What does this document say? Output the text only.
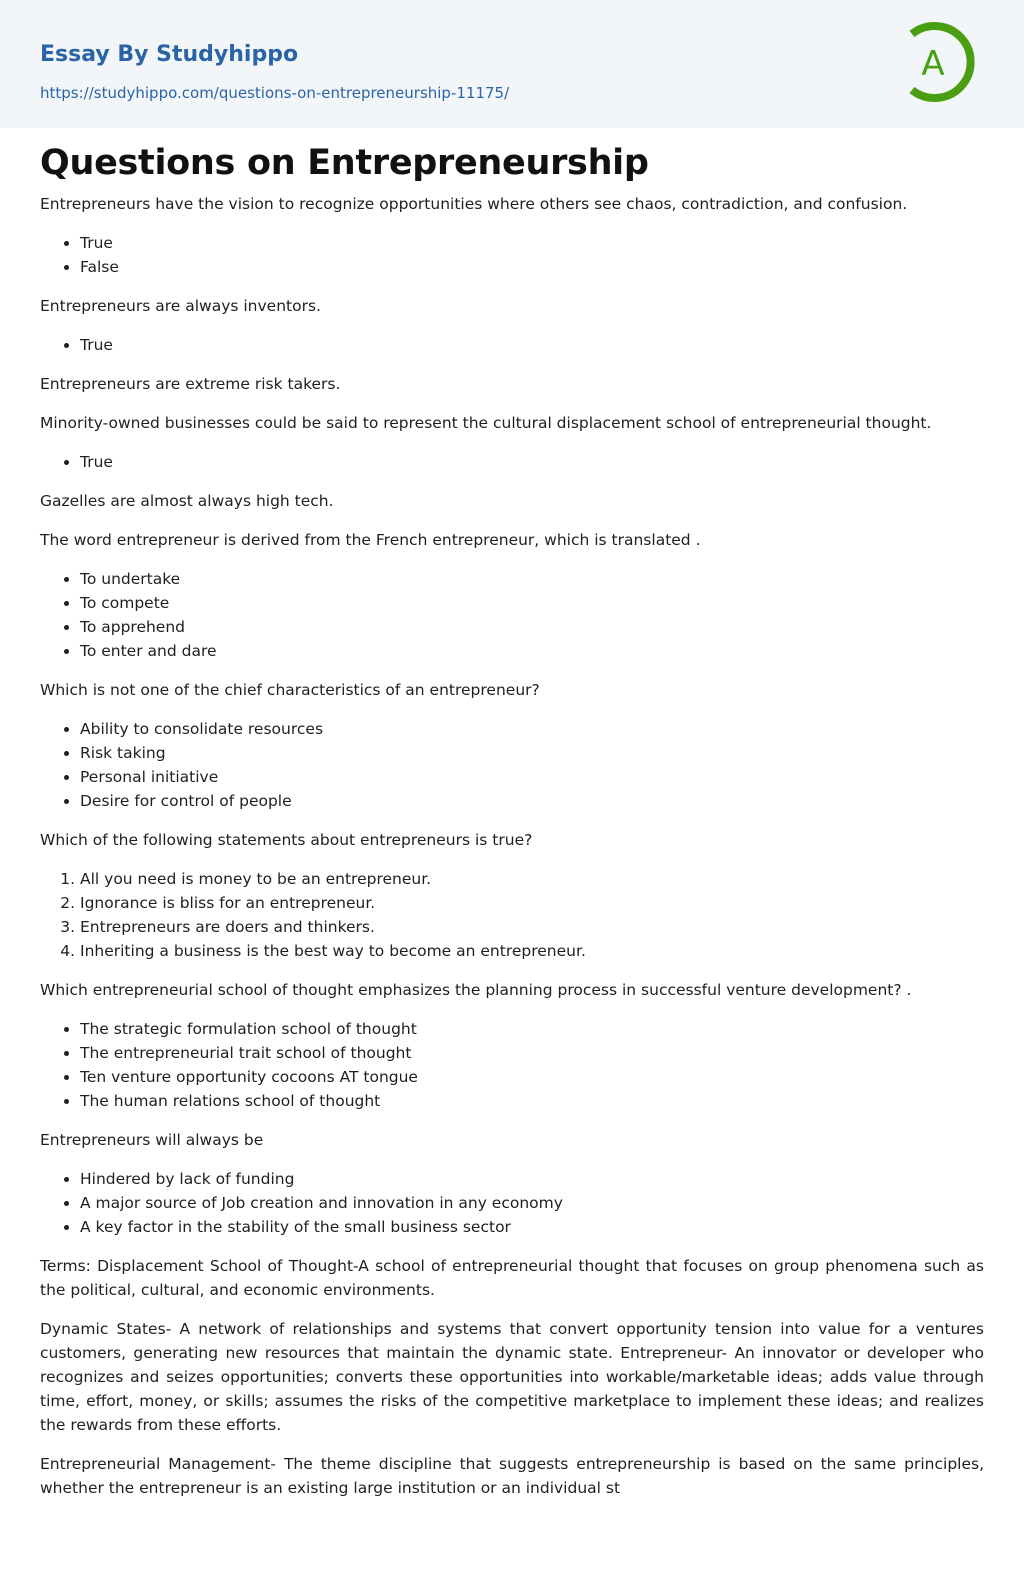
Essay By Studyhippo
https://studyhippo.com/questions-on-entrepreneurship-11175/
A
Questions on Entrepreneurship

Entrepreneurs have the vision to recognize opportunities where others see chaos, contradiction, and confusion.

• True
• False

Entrepreneurs are always inventors.

• True

Entrepreneurs are extreme risk takers.

Minority-owned businesses could be said to represent the cultural displacement school of entrepreneurial thought.

• True

Gazelles are almost always high tech.

The word entrepreneur is derived from the French entrepreneur, which is translated .

• To undertake
• To compete
• To apprehend
• To enter and dare

Which is not one of the chief characteristics of an entrepreneur?

• Ability to consolidate resources
• Risk taking
• Personal initiative
• Desire for control of people

Which of the following statements about entrepreneurs is true?

1. All you need is money to be an entrepreneur.
2. Ignorance is bliss for an entrepreneur.
3. Entrepreneurs are doers and thinkers.
4. Inheriting a business is the best way to become an entrepreneur.

Which entrepreneurial school of thought emphasizes the planning process in successful venture development? .

• The strategic formulation school of thought
• The entrepreneurial trait school of thought
• Ten venture opportunity cocoons AT tongue
• The human relations school of thought

Entrepreneurs will always be

• Hindered by lack of funding
• A major source of Job creation and innovation in any economy
• A key factor in the stability of the small business sector

Terms: Displacement School of Thought-A school of entrepreneurial thought that focuses on group phenomena such as the political, cultural, and economic environments.

Dynamic States- A network of relationships and systems that convert opportunity tension into value for a ventures customers, generating new resources that maintain the dynamic state. Entrepreneur- An innovator or developer who recognizes and seizes opportunities; converts these opportunities into workable/marketable ideas; adds value through time, effort, money, or skills; assumes the risks of the competitive marketplace to implement these ideas; and realizes the rewards from these efforts.

Entrepreneurial Management- The theme discipline that suggests entrepreneurship is based on the same principles, whether the entrepreneur is an existing large institution or an individual st
